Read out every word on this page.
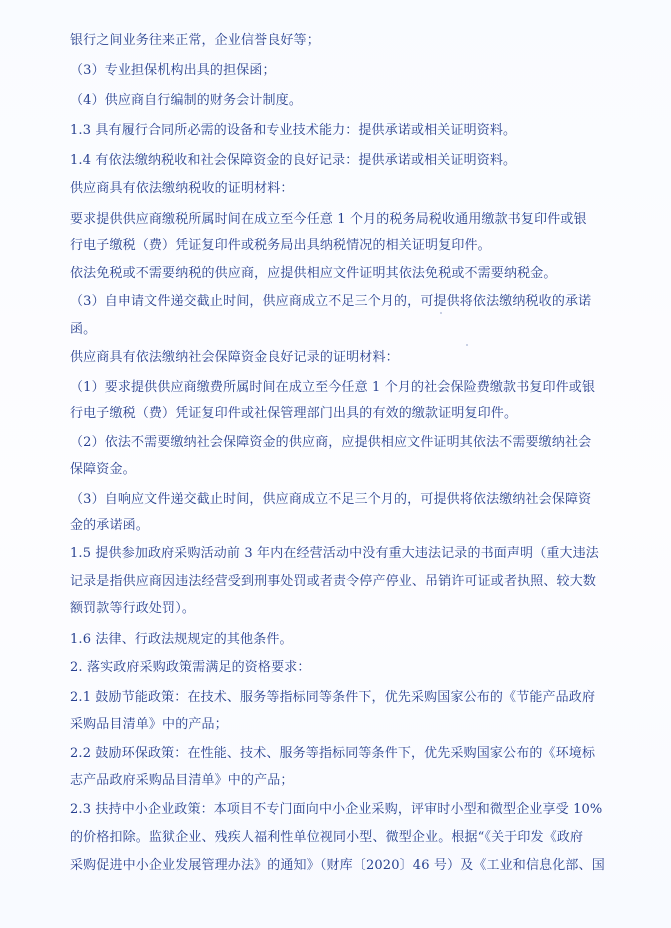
银行之间业务往来正常，企业信誉良好等；
（3）专业担保机构出具的担保函；
（4）供应商自行编制的财务会计制度。
1.3 具有履行合同所必需的设备和专业技术能力：提供承诺或相关证明资料。
1.4 有依法缴纳税收和社会保障资金的良好记录：提供承诺或相关证明资料。
供应商具有依法缴纳税收的证明材料：
要求提供供应商缴税所属时间在成立至今任意 1 个月的税务局税收通用缴款书复印件或银
行电子缴税（费）凭证复印件或税务局出具纳税情况的相关证明复印件。
依法免税或不需要纳税的供应商，应提供相应文件证明其依法免税或不需要纳税金。
（3）自申请文件递交截止时间，供应商成立不足三个月的，可提供将依法缴纳税收的承诺
函。
供应商具有依法缴纳社会保障资金良好记录的证明材料：
（1）要求提供供应商缴费所属时间在成立至今任意 1 个月的社会保险费缴款书复印件或银
行电子缴税（费）凭证复印件或社保管理部门出具的有效的缴款证明复印件。
（2）依法不需要缴纳社会保障资金的供应商，应提供相应文件证明其依法不需要缴纳社会
保障资金。
（3）自响应文件递交截止时间，供应商成立不足三个月的，可提供将依法缴纳社会保障资
金的承诺函。
1.5 提供参加政府采购活动前 3 年内在经营活动中没有重大违法记录的书面声明（重大违法
记录是指供应商因违法经营受到刑事处罚或者责令停产停业、吊销许可证或者执照、较大数
额罚款等行政处罚）。
1.6 法律、行政法规规定的其他条件。
2. 落实政府采购政策需满足的资格要求：
2.1 鼓励节能政策：在技术、服务等指标同等条件下，优先采购国家公布的《节能产品政府
采购品目清单》中的产品；
2.2 鼓励环保政策：在性能、技术、服务等指标同等条件下，优先采购国家公布的《环境标
志产品政府采购品目清单》中的产品；
2.3 扶持中小企业政策：本项目不专门面向中小企业采购，评审时小型和微型企业享受 10%
的价格扣除。监狱企业、残疾人福利性单位视同小型、微型企业。根据“《关于印发《政府
采购促进中小企业发展管理办法》的通知》（财库〔2020〕46 号）及《工业和信息化部、国
